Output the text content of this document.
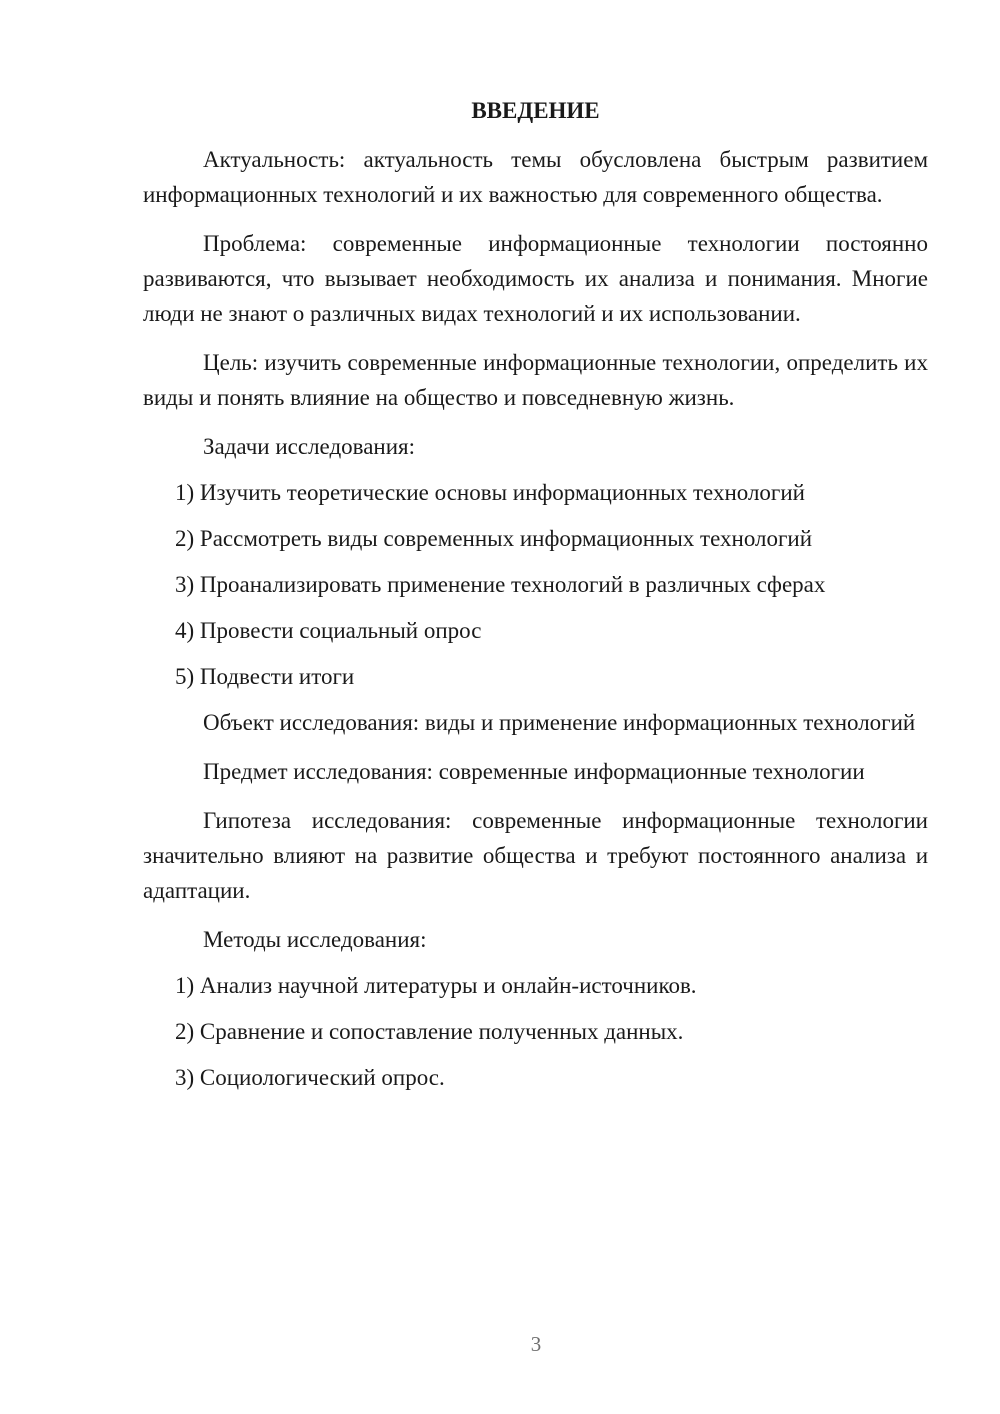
ВВЕДЕНИЕ

Актуальность: актуальность темы обусловлена быстрым развитием информационных технологий и их важностью для современного общества.

Проблема: современные информационные технологии постоянно развиваются, что вызывает необходимость их анализа и понимания. Многие люди не знают о различных видах технологий и их использовании.

Цель: изучить современные информационные технологии, определить их виды и понять влияние на общество и повседневную жизнь.

Задачи исследования:
1) Изучить теоретические основы информационных технологий
2) Рассмотреть виды современных информационных технологий
3) Проанализировать применение технологий в различных сферах
4) Провести социальный опрос
5) Подвести итоги

Объект исследования: виды и применение информационных технологий

Предмет исследования: современные информационные технологии

Гипотеза исследования: современные информационные технологии значительно влияют на развитие общества и требуют постоянного анализа и адаптации.

Методы исследования:
1) Анализ научной литературы и онлайн-источников.
2) Сравнение и сопоставление полученных данных.
3) Социологический опрос.
3
